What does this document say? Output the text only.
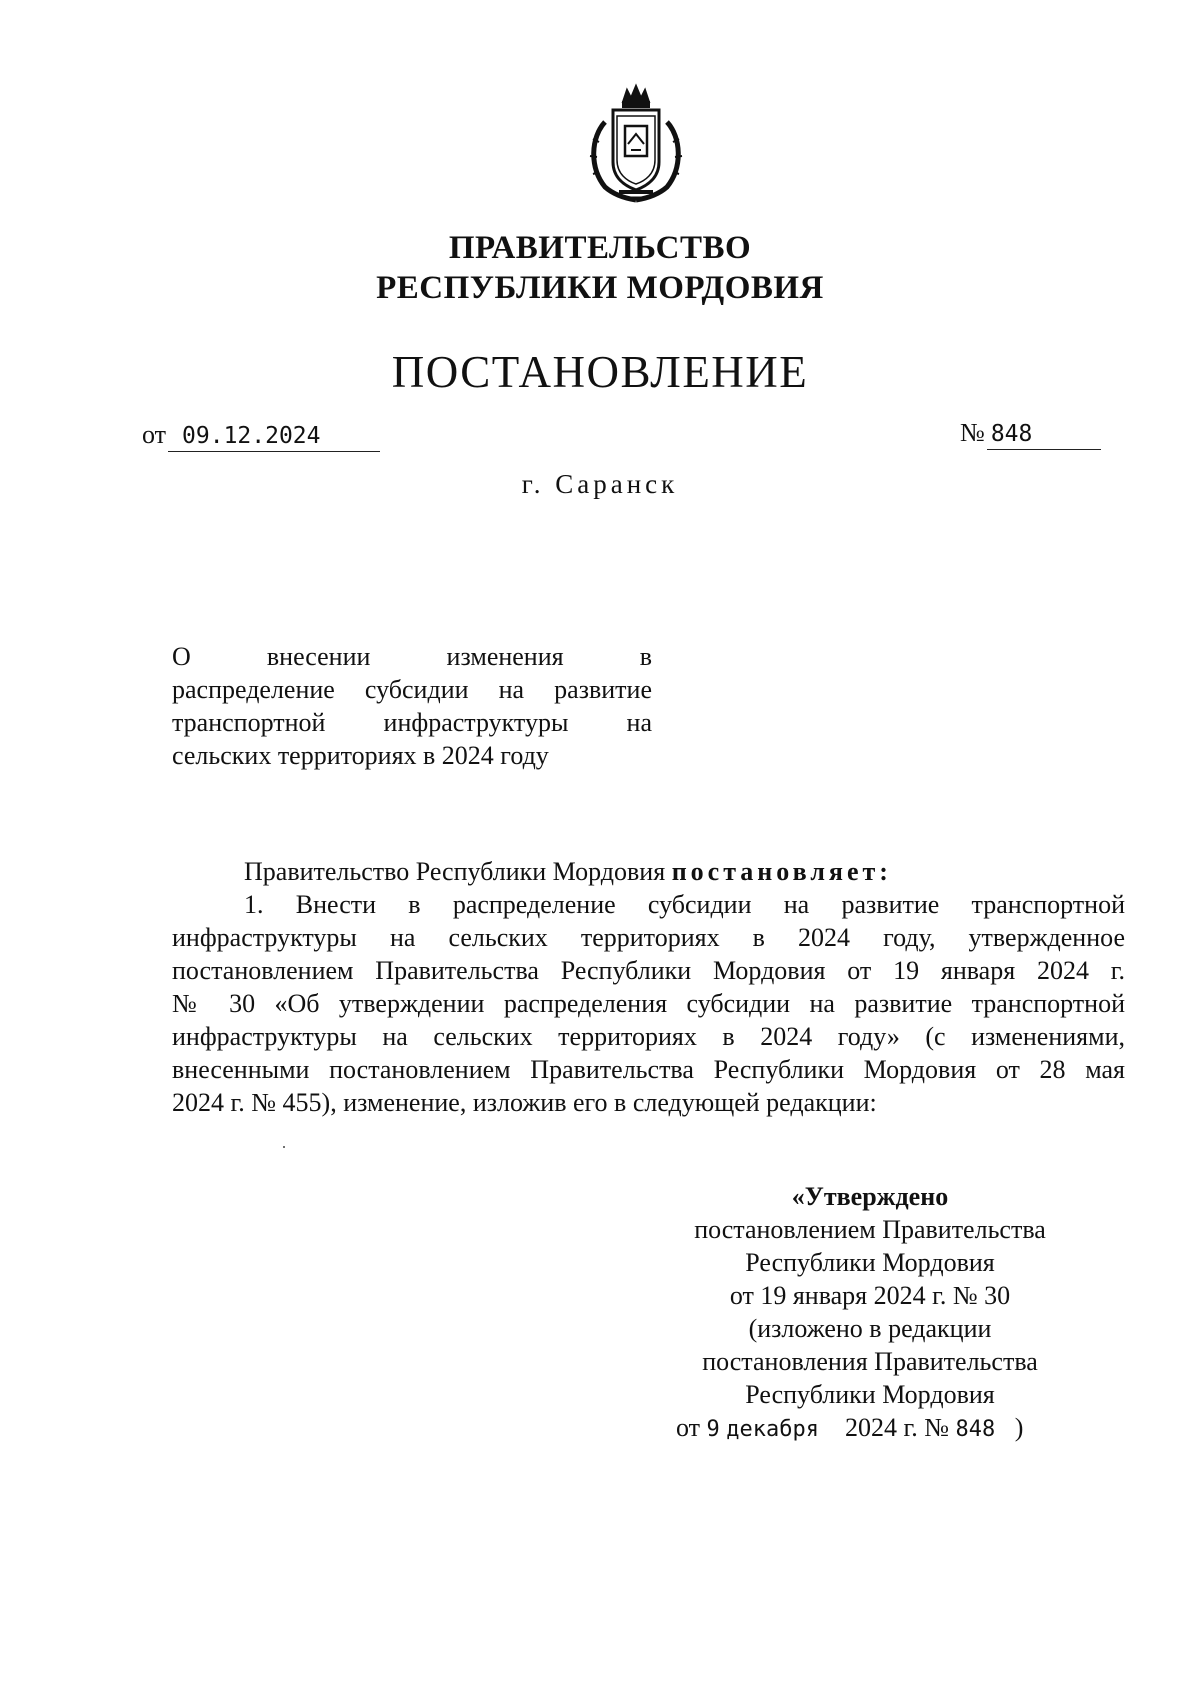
ПРАВИТЕЛЬСТВО
РЕСПУБЛИКИ МОРДОВИЯ
ПОСТАНОВЛЕНИЕ
от 09.12.2024	№ 848
г. Саранск
О внесении изменения в
распределение субсидии на развитие
транспортной инфраструктуры на
сельских территориях в 2024 году
Правительство Республики Мордовия постановляет:
1. Внести в распределение субсидии на развитие транспортной
инфраструктуры на сельских территориях в 2024 году, утвержденное
постановлением Правительства Республики Мордовия от 19 января 2024 г.
№ 30 «Об утверждении распределения субсидии на развитие транспортной
инфраструктуры на сельских территориях в 2024 году» (с изменениями,
внесенными постановлением Правительства Республики Мордовия от 28 мая
2024 г. № 455), изменение, изложив его в следующей редакции:
«Утверждено
постановлением Правительства
Республики Мордовия
от 19 января 2024 г. № 30
(изложено в редакции
постановления Правительства
Республики Мордовия
от 9 декабря 2024 г. № 848 )
